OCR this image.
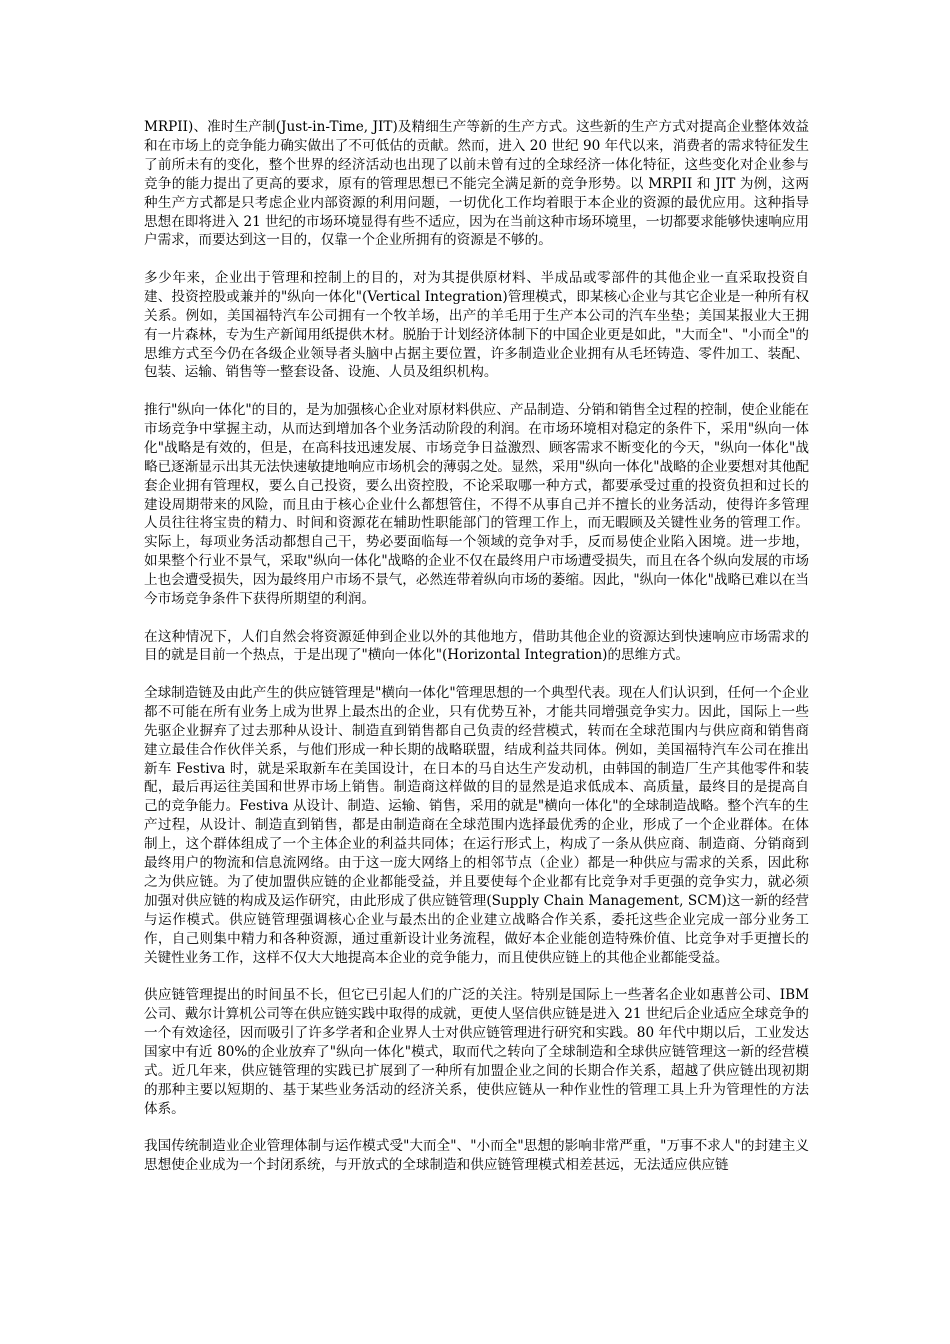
MRPII)、准时生产制(Just-in-Time, JIT)及精细生产等新的生产方式。这些新的生产方式对提高企业整体效益和在市场上的竞争能力确实做出了不可低估的贡献。然而，进入 20 世纪 90 年代以来，消费者的需求特征发生了前所未有的变化，整个世界的经济活动也出现了以前未曾有过的全球经济一体化特征，这些变化对企业参与竞争的能力提出了更高的要求，原有的管理思想已不能完全满足新的竞争形势。以 MRPII 和 JIT 为例，这两种生产方式都是只考虑企业内部资源的利用问题，一切优化工作均着眼于本企业的资源的最优应用。这种指导思想在即将进入 21 世纪的市场环境显得有些不适应，因为在当前这种市场环境里，一切都要求能够快速响应用户需求，而要达到这一目的，仅靠一个企业所拥有的资源是不够的。

多少年来，企业出于管理和控制上的目的，对为其提供原材料、半成品或零部件的其他企业一直采取投资自建、投资控股或兼并的"纵向一体化"(Vertical Integration)管理模式，即某核心企业与其它企业是一种所有权关系。例如，美国福特汽车公司拥有一个牧羊场，出产的羊毛用于生产本公司的汽车坐垫；美国某报业大王拥有一片森林，专为生产新闻用纸提供木材。脱胎于计划经济体制下的中国企业更是如此，"大而全"、"小而全"的思维方式至今仍在各级企业领导者头脑中占据主要位置，许多制造业企业拥有从毛坯铸造、零件加工、装配、包装、运输、销售等一整套设备、设施、人员及组织机构。

推行"纵向一体化"的目的，是为加强核心企业对原材料供应、产品制造、分销和销售全过程的控制，使企业能在市场竞争中掌握主动，从而达到增加各个业务活动阶段的利润。在市场环境相对稳定的条件下，采用"纵向一体化"战略是有效的，但是，在高科技迅速发展、市场竞争日益激烈、顾客需求不断变化的今天，"纵向一体化"战略已逐渐显示出其无法快速敏捷地响应市场机会的薄弱之处。显然，采用"纵向一体化"战略的企业要想对其他配套企业拥有管理权，要么自己投资，要么出资控股，不论采取哪一种方式，都要承受过重的投资负担和过长的建设周期带来的风险，而且由于核心企业什么都想管住，不得不从事自己并不擅长的业务活动，使得许多管理人员往往将宝贵的精力、时间和资源花在辅助性职能部门的管理工作上，而无暇顾及关键性业务的管理工作。实际上，每项业务活动都想自己干，势必要面临每一个领域的竞争对手，反而易使企业陷入困境。进一步地，如果整个行业不景气，采取"纵向一体化"战略的企业不仅在最终用户市场遭受损失，而且在各个纵向发展的市场上也会遭受损失，因为最终用户市场不景气，必然连带着纵向市场的萎缩。因此，"纵向一体化"战略已难以在当今市场竞争条件下获得所期望的利润。

在这种情况下，人们自然会将资源延伸到企业以外的其他地方，借助其他企业的资源达到快速响应市场需求的目的就是目前一个热点，于是出现了"横向一体化"(Horizontal Integration)的思维方式。

全球制造链及由此产生的供应链管理是"横向一体化"管理思想的一个典型代表。现在人们认识到，任何一个企业都不可能在所有业务上成为世界上最杰出的企业，只有优势互补，才能共同增强竞争实力。因此，国际上一些先驱企业摒弃了过去那种从设计、制造直到销售都自己负责的经营模式，转而在全球范围内与供应商和销售商建立最佳合作伙伴关系，与他们形成一种长期的战略联盟，结成利益共同体。例如，美国福特汽车公司在推出新车 Festiva 时，就是采取新车在美国设计，在日本的马自达生产发动机，由韩国的制造厂生产其他零件和装配，最后再运往美国和世界市场上销售。制造商这样做的目的显然是追求低成本、高质量，最终目的是提高自己的竞争能力。Festiva 从设计、制造、运输、销售，采用的就是"横向一体化"的全球制造战略。整个汽车的生产过程，从设计、制造直到销售，都是由制造商在全球范围内选择最优秀的企业，形成了一个企业群体。在体制上，这个群体组成了一个主体企业的利益共同体；在运行形式上，构成了一条从供应商、制造商、分销商到最终用户的物流和信息流网络。由于这一庞大网络上的相邻节点（企业）都是一种供应与需求的关系，因此称之为供应链。为了使加盟供应链的企业都能受益，并且要使每个企业都有比竞争对手更强的竞争实力，就必须加强对供应链的构成及运作研究，由此形成了供应链管理(Supply Chain Management, SCM)这一新的经营与运作模式。供应链管理强调核心企业与最杰出的企业建立战略合作关系，委托这些企业完成一部分业务工作，自己则集中精力和各种资源，通过重新设计业务流程，做好本企业能创造特殊价值、比竞争对手更擅长的关键性业务工作，这样不仅大大地提高本企业的竞争能力，而且使供应链上的其他企业都能受益。

供应链管理提出的时间虽不长，但它已引起人们的广泛的关注。特别是国际上一些著名企业如惠普公司、IBM 公司、戴尔计算机公司等在供应链实践中取得的成就，更使人坚信供应链是进入 21 世纪后企业适应全球竞争的一个有效途径，因而吸引了许多学者和企业界人士对供应链管理进行研究和实践。80 年代中期以后，工业发达国家中有近 80%的企业放弃了"纵向一体化"模式，取而代之转向了全球制造和全球供应链管理这一新的经营模式。近几年来，供应链管理的实践已扩展到了一种所有加盟企业之间的长期合作关系，超越了供应链出现初期的那种主要以短期的、基于某些业务活动的经济关系，使供应链从一种作业性的管理工具上升为管理性的方法体系。

我国传统制造业企业管理体制与运作模式受"大而全"、"小而全"思想的影响非常严重，"万事不求人"的封建主义思想使企业成为一个封闭系统，与开放式的全球制造和供应链管理模式相差甚远，无法适应供应链
